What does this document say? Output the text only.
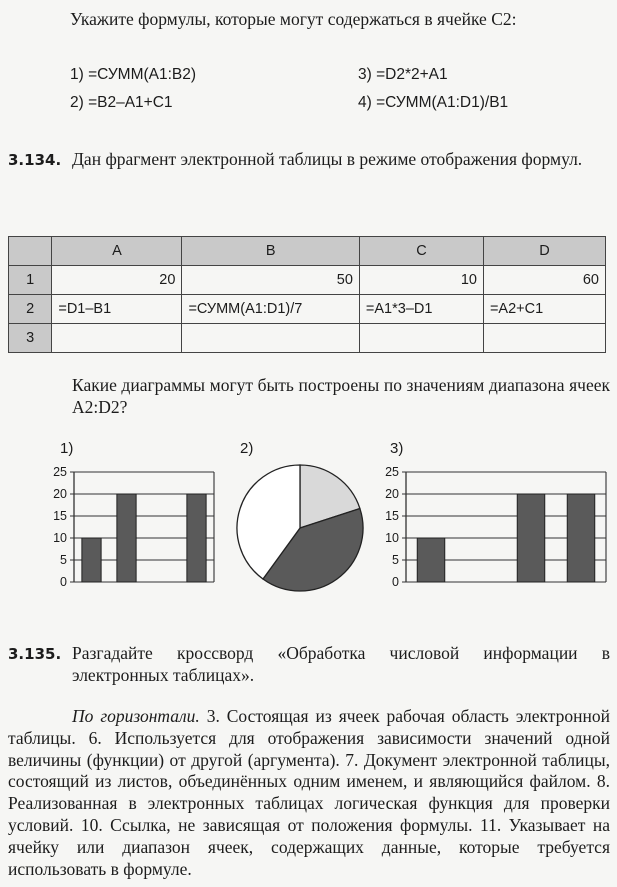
Укажите формулы, которые могут содержаться в ячейке С2:
1) =СУММ(А1:В2)
2) =В2–А1+С1
3) =D2*2+А1
4) =СУММ(А1:D1)/В1
3.134. Дан фрагмент электронной таблицы в режиме отображения формул.
	A	B	C	D
1	20	50	10	60
2	=D1–B1	=СУММ(A1:D1)/7	=A1*3–D1	=A2+C1
3				
Какие диаграммы могут быть построены по значениям диапазона ячеек А2:D2?
1)	2)	3)
0
5
10
15
20
25
0
5
10
15
20
25
3.135. Разгадайте кроссворд «Обработка числовой информации в электронных таблицах».
По горизонтали. 3. Состоящая из ячеек рабочая область электронной таблицы. 6. Используется для отображения зависимости значений одной величины (функции) от другой (аргумента). 7. Документ электронной таблицы, состоящий из листов, объединённых одним именем, и являющийся файлом. 8. Реализованная в электронных таблицах логическая функция для проверки условий. 10. Ссылка, не зависящая от положения формулы. 11. Указывает на ячейку или диапазон ячеек, содержащих данные, которые требуется использовать в формуле.
